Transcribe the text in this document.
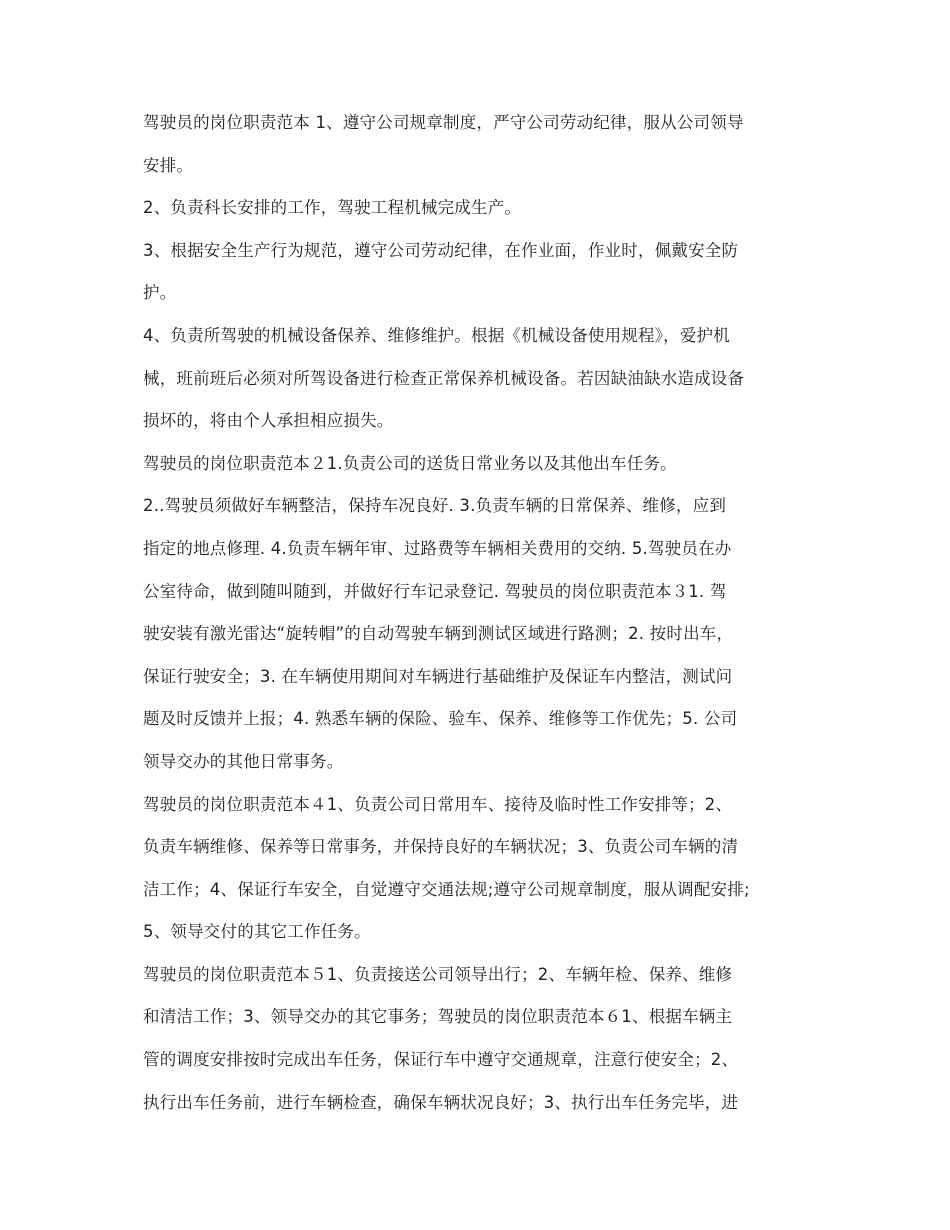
驾驶员的岗位职责范本 1、遵守公司规章制度，严守公司劳动纪律，服从公司领导
安排。
2、负责科长安排的工作，驾驶工程机械完成生产。
3、根据安全生产行为规范，遵守公司劳动纪律，在作业面，作业时，佩戴安全防
护。
4、负责所驾驶的机械设备保养、维修维护。根据《机械设备使用规程》，爱护机
械，班前班后必须对所驾设备进行检查正常保养机械设备。若因缺油缺水造成设备
损坏的，将由个人承担相应损失。
驾驶员的岗位职责范本２1.负责公司的送货日常业务以及其他出车任务。
2..驾驶员须做好车辆整洁，保持车况良好. 3.负责车辆的日常保养、维修，应到
指定的地点修理. 4.负责车辆年审、过路费等车辆相关费用的交纳. 5.驾驶员在办
公室待命，做到随叫随到，并做好行车记录登记. 驾驶员的岗位职责范本３1. 驾
驶安装有激光雷达“旋转帽”的自动驾驶车辆到测试区域进行路测；2. 按时出车，
保证行驶安全；3. 在车辆使用期间对车辆进行基础维护及保证车内整洁，测试问
题及时反馈并上报；4. 熟悉车辆的保险、验车、保养、维修等工作优先；5. 公司
领导交办的其他日常事务。
驾驶员的岗位职责范本４1、负责公司日常用车、接待及临时性工作安排等；2、
负责车辆维修、保养等日常事务，并保持良好的车辆状况；3、负责公司车辆的清
洁工作；4、保证行车安全，自觉遵守交通法规;遵守公司规章制度，服从调配安排;
5、领导交付的其它工作任务。
驾驶员的岗位职责范本５1、负责接送公司领导出行；2、车辆年检、保养、维修
和清洁工作；3、领导交办的其它事务；驾驶员的岗位职责范本６1、根据车辆主
管的调度安排按时完成出车任务，保证行车中遵守交通规章，注意行使安全；2、
执行出车任务前，进行车辆检查，确保车辆状况良好；3、执行出车任务完毕，进
